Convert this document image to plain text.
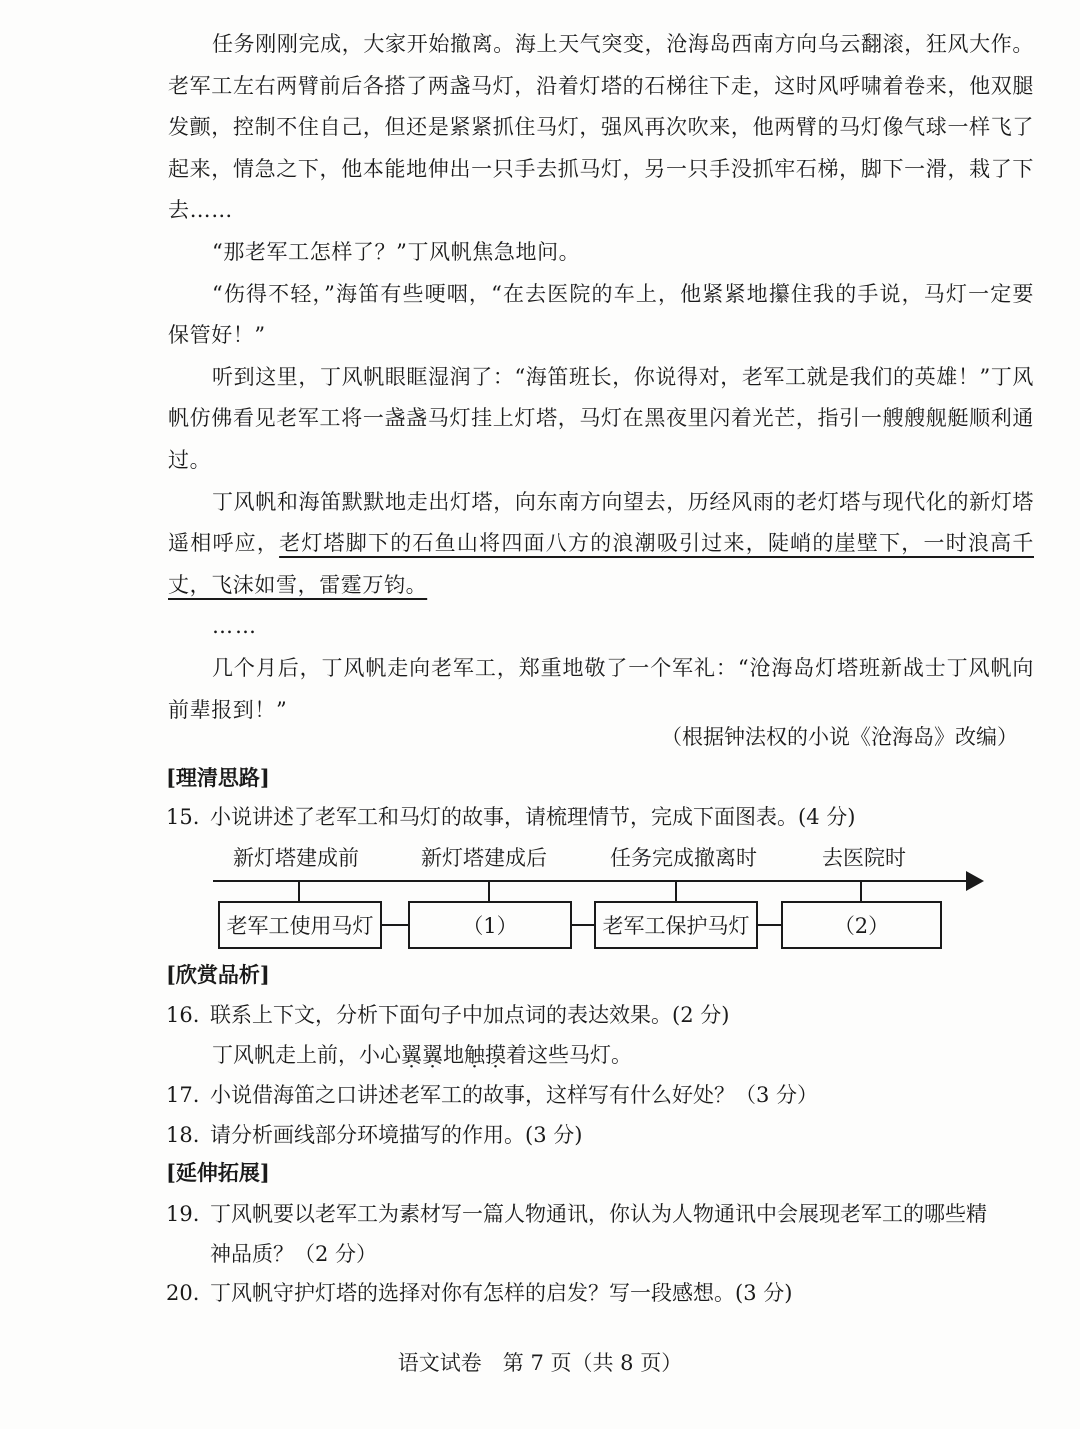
任务刚刚完成，大家开始撤离。海上天气突变，沧海岛西南方向乌云翻滚，狂风大作。老军工左右两臂前后各搭了两盏马灯，沿着灯塔的石梯往下走，这时风呼啸着卷来，他双腿发颤，控制不住自己，但还是紧紧抓住马灯，强风再次吹来，他两臂的马灯像气球一样飞了起来，情急之下，他本能地伸出一只手去抓马灯，另一只手没抓牢石梯，脚下一滑，栽了下去……

“那老军工怎样了？”丁风帆焦急地问。

“伤得不轻，”海笛有些哽咽，“在去医院的车上，他紧紧地攥住我的手说，马灯一定要保管好！”

听到这里，丁风帆眼眶湿润了：“海笛班长，你说得对，老军工就是我们的英雄！”丁风帆仿佛看见老军工将一盏盏马灯挂上灯塔，马灯在黑夜里闪着光芒，指引一艘艘舰艇顺利通过。

丁风帆和海笛默默地走出灯塔，向东南方向望去，历经风雨的老灯塔与现代化的新灯塔遥相呼应，老灯塔脚下的石鱼山将四面八方的浪潮吸引过来，陡峭的崖壁下，一时浪高千丈，飞沫如雪，雷霆万钧。

……

几个月后，丁风帆走向老军工，郑重地敬了一个军礼：“沧海岛灯塔班新战士丁风帆向前辈报到！”

（根据钟法权的小说《沧海岛》改编）
[理清思路]
15. 小说讲述了老军工和马灯的故事，请梳理情节，完成下面图表。(4 分)
新灯塔建成前	新灯塔建成后	任务完成撤离时	去医院时
老军工使用马灯	（1）	老军工保护马灯	（2）
[欣赏品析]
16. 联系上下文，分析下面句子中加点词的表达效果。(2 分)
丁风帆走上前，小心翼翼地触摸着这些马灯。
17. 小说借海笛之口讲述老军工的故事，这样写有什么好处？（3 分）
18. 请分析画线部分环境描写的作用。(3 分)
[延伸拓展]
19. 丁风帆要以老军工为素材写一篇人物通讯，你认为人物通讯中会展现老军工的哪些精
神品质？（2 分）
20. 丁风帆守护灯塔的选择对你有怎样的启发？写一段感想。(3 分)
语文试卷　第 7 页（共 8 页）
